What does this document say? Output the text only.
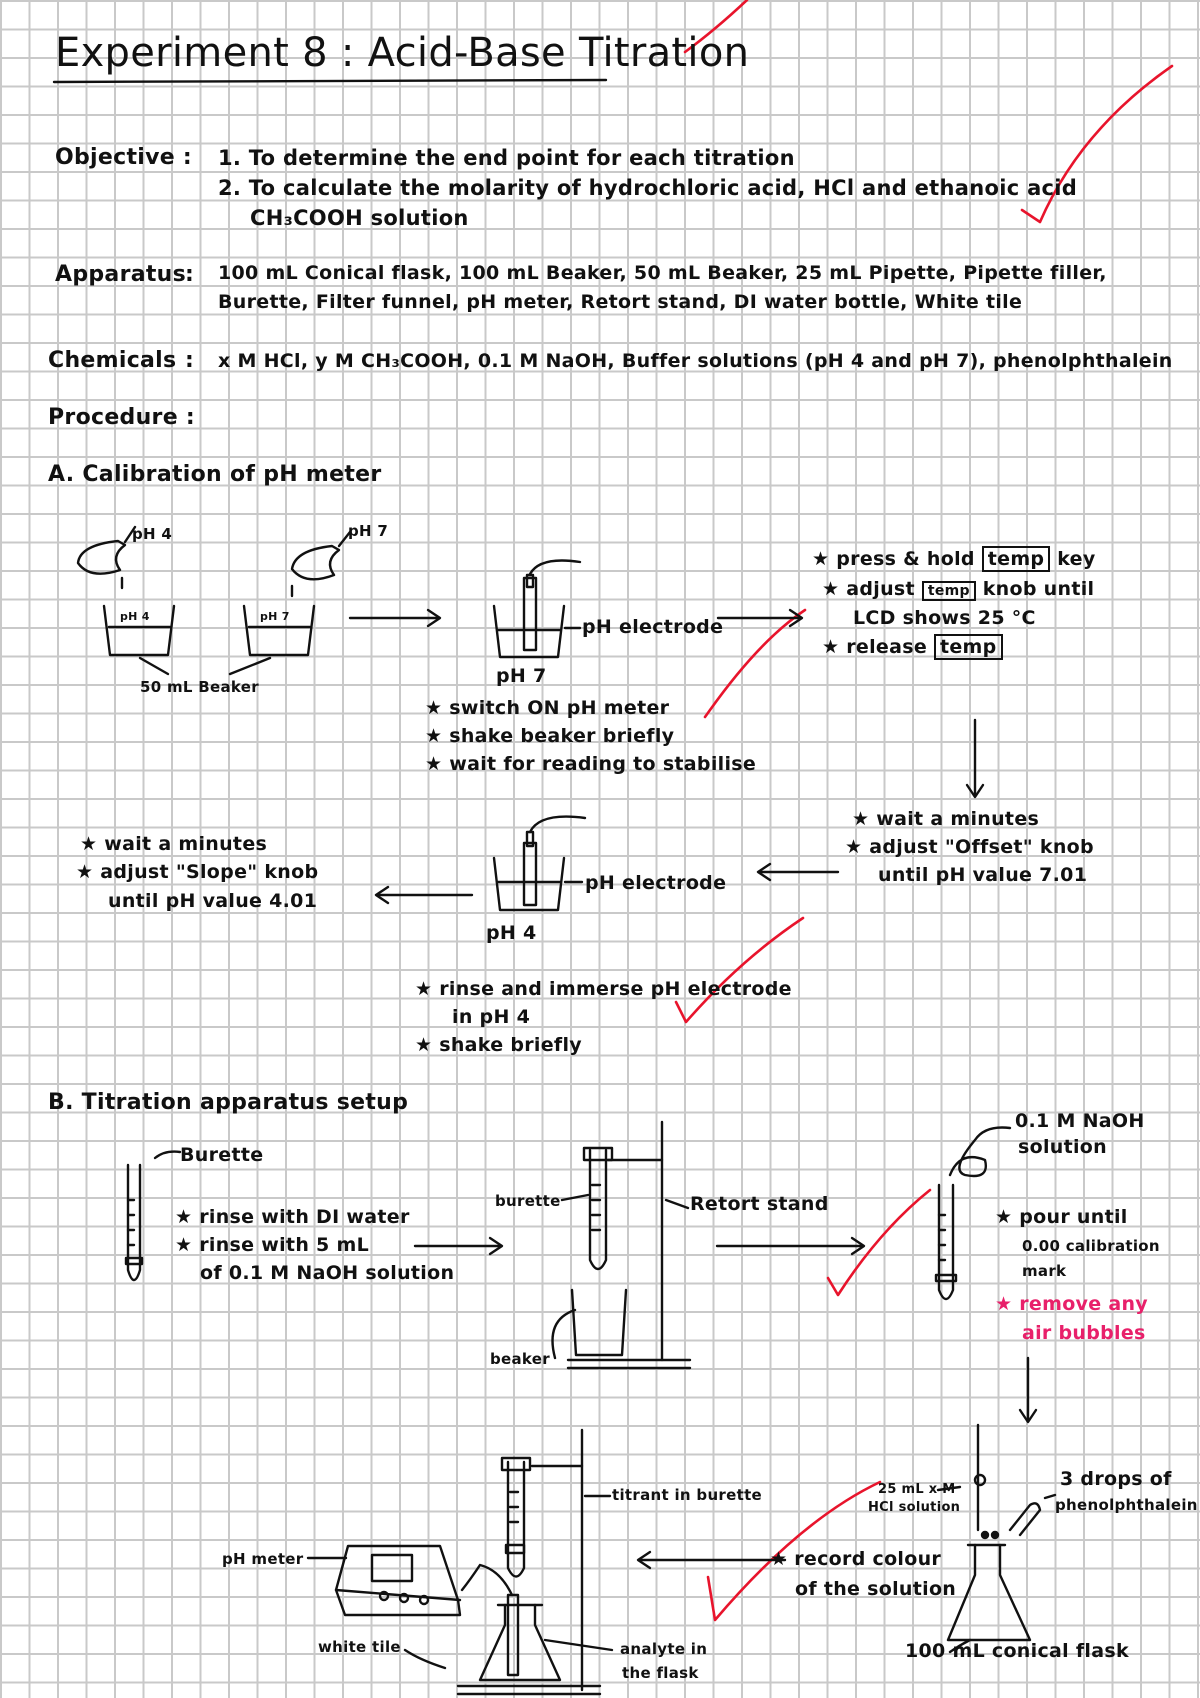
Experiment 8 : Acid-Base Titration
Objective : 1. To determine the end point for each titration
2. To calculate the molarity of hydrochloric acid, HCl and ethanoic acid
CH₃COOH solution
Apparatus
: 100 mL Conical flask, 100 mL Beaker, 50 mL Beaker, 25 mL Pipette, Pipette filler,
Burette, Filter funnel, pH meter, Retort stand, DI water bottle, White tile
Chemicals : x M HCl, y M CH₃COOH, 0.1 M NaOH, Buffer solutions (pH 4 and pH 7), phenolphthalein
Procedure :
A. Calibration of pH meter
pH 4	pH 7
pH 4	pH 7
50 mL Beaker
pH electrode
pH 7
★ switch ON pH meter
★ shake beaker briefly
★ wait for reading to stabilise
★ press & hold temp key
★ adjust temp knob until
LCD shows 25 °C
★ release temp
★ wait a minutes
★ adjust "Offset" knob
until pH value 7.01
pH electrode
pH 4
★ wait a minutes
★ adjust "Slope" knob
until pH value 4.01
★ rinse and immerse pH electrode
in pH 4
★ shake briefly
B. Titration apparatus setup
Burette
★ rinse with DI water
★ rinse with 5 mL
of 0.1 M NaOH solution
burette	Retort stand
beaker
0.1 M NaOH
solution
★ pour until
0.00 calibration
mark
★ remove any
air bubbles
25 mL x M
HCl solution
3 drops of
phenolphthalein
100 mL conical flask
★ record colour
of the solution
titrant in burette
pH meter
white tile	analyte in
the flask
